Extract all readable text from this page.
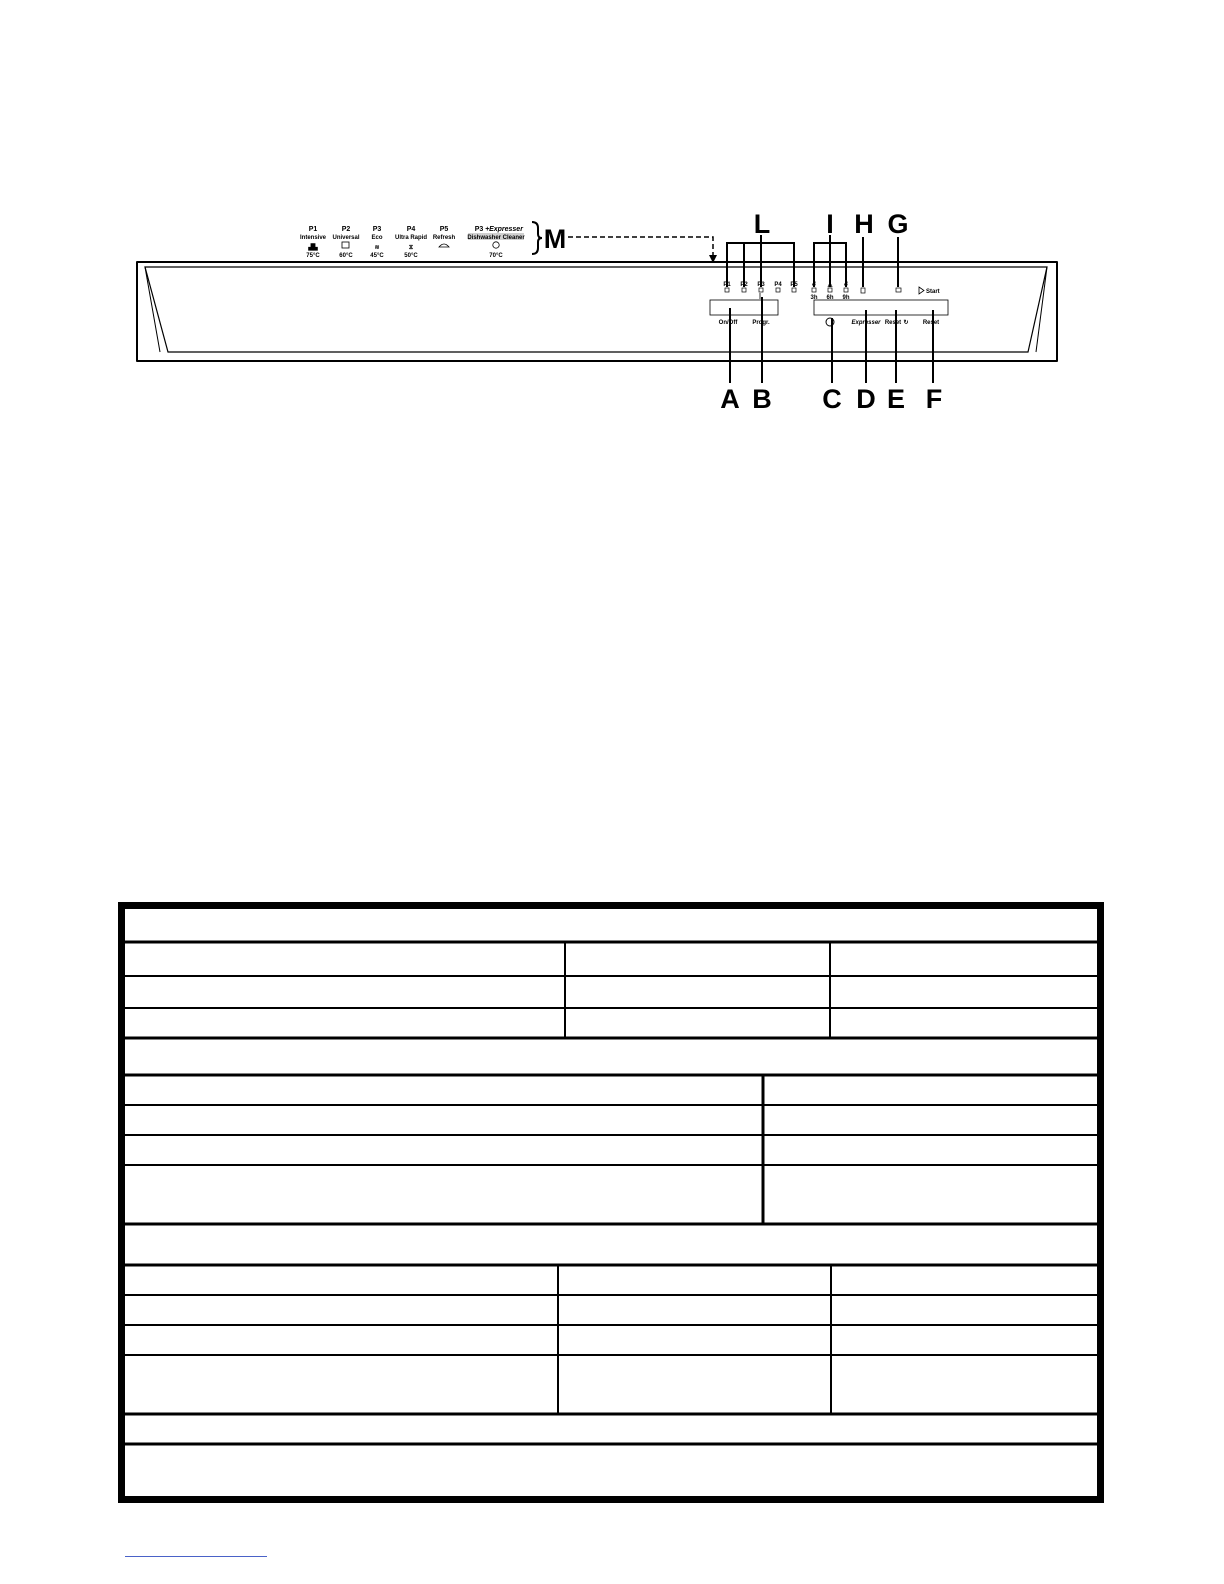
P1
Intensive
▟▙
75°C
P2
Universal
60°C
P3
Eco
≋
45°C
P4
Ultra Rapid
⧖
50°C
P5
Refresh
P3 + Expresser
Dishwasher Cleaner
70°C
M
P1 P2 P3 P4 P5 ☌ △ ☌
3h 6h 9h
Start
On/Off Progr.	Expresser Reset ↻ Reset
L I H G
A B C D E F
